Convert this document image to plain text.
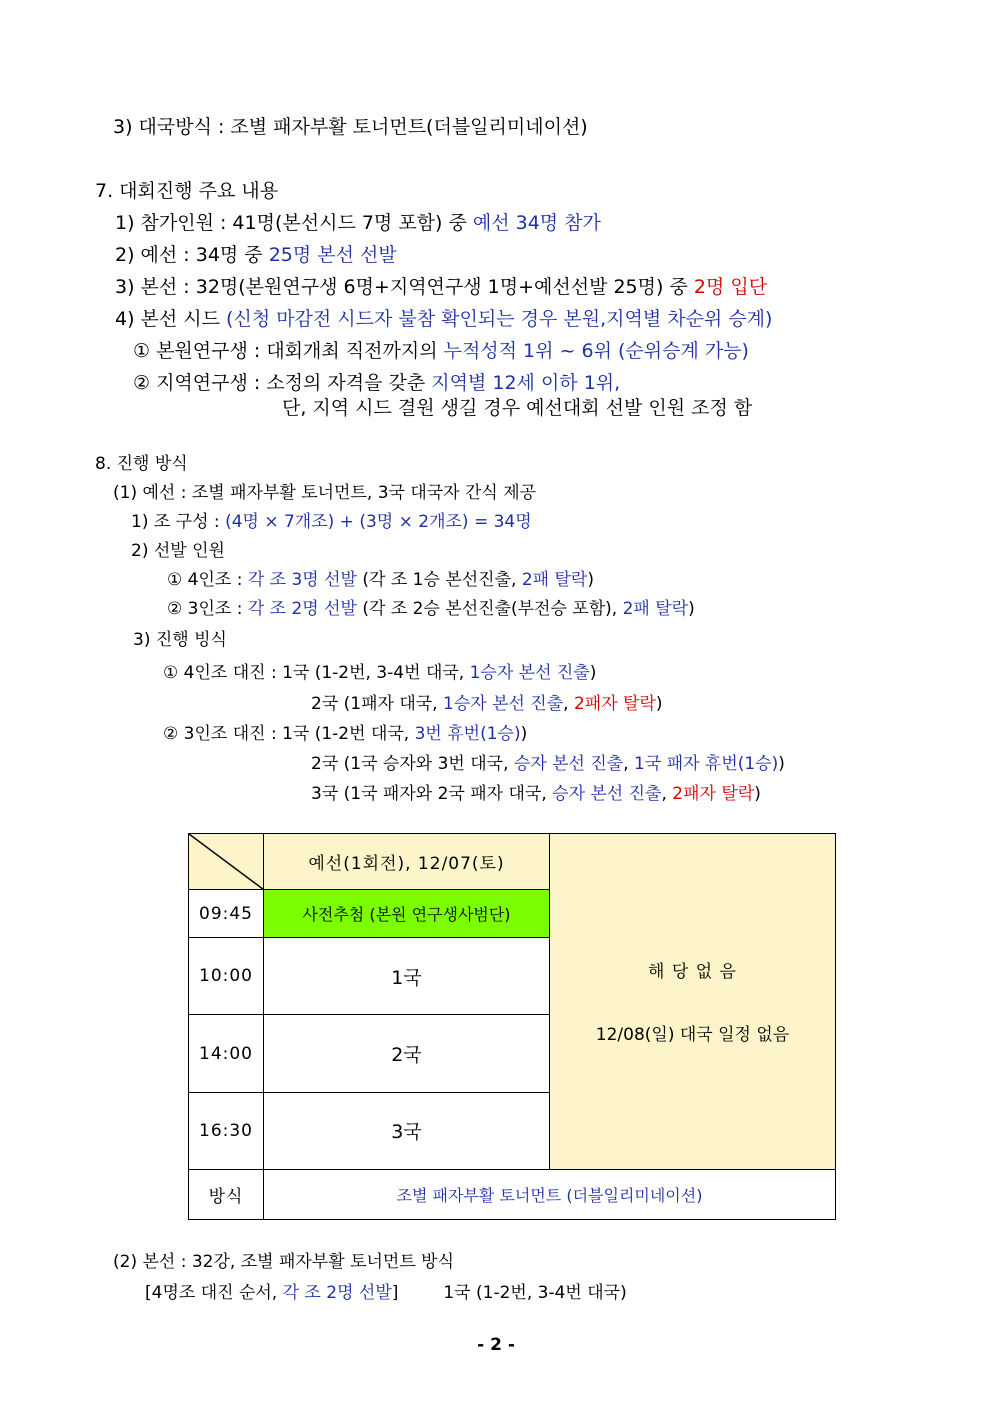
3) 대국방식 : 조별 패자부활 토너먼트(더블일리미네이션)
7. 대회진행 주요 내용
1) 참가인원 : 41명(본선시드 7명 포함) 중 예선 34명 참가
2) 예선 : 34명 중 25명 본선 선발
3) 본선 : 32명(본원연구생 6명+지역연구생 1명+예선선발 25명) 중 2명 입단
4) 본선 시드 (신청 마감전 시드자 불참 확인되는 경우 본원,지역별 차순위 승계)
① 본원연구생 : 대회개최 직전까지의 누적성적 1위 ~ 6위 (순위승계 가능)
② 지역연구생 : 소정의 자격을 갖춘 지역별 12세 이하 1위,
단, 지역 시드 결원 생길 경우 예선대회 선발 인원 조정 함
8. 진행 방식
(1) 예선 : 조별 패자부활 토너먼트, 3국 대국자 간식 제공
1) 조 구성 : (4명 × 7개조) + (3명 × 2개조) = 34명
2) 선발 인원
① 4인조 : 각 조 3명 선발 (각 조 1승 본선진출, 2패 탈락)
② 3인조 : 각 조 2명 선발 (각 조 2승 본선진출(부전승 포함), 2패 탈락)
3) 진행 빙식
① 4인조 대진 : 1국 (1-2번, 3-4번 대국, 1승자 본선 진출)
2국 (1패자 대국, 1승자 본선 진출, 2패자 탈락)
② 3인조 대진 : 1국 (1-2번 대국, 3번 휴번(1승))
2국 (1국 승자와 3번 대국, 승자 본선 진출, 1국 패자 휴번(1승))
3국 (1국 패자와 2국 패자 대국, 승자 본선 진출, 2패자 탈락)
	예선(1회전), 12/07(토)	해 당 없 음
12/08(일) 대국 일정 없음

09:45	사전추첨 (본원 연구생사범단)	
10:00	1국	
14:00	2국	
16:30	3국	
방식	조별 패자부활 토너먼트 (더블일리미네이션)	
(2) 본선 : 32강, 조별 패자부활 토너먼트 방식
[4명조 대진 순서, 각 조 2명 선발]	1국 (1-2번, 3-4번 대국)
- 2 -
